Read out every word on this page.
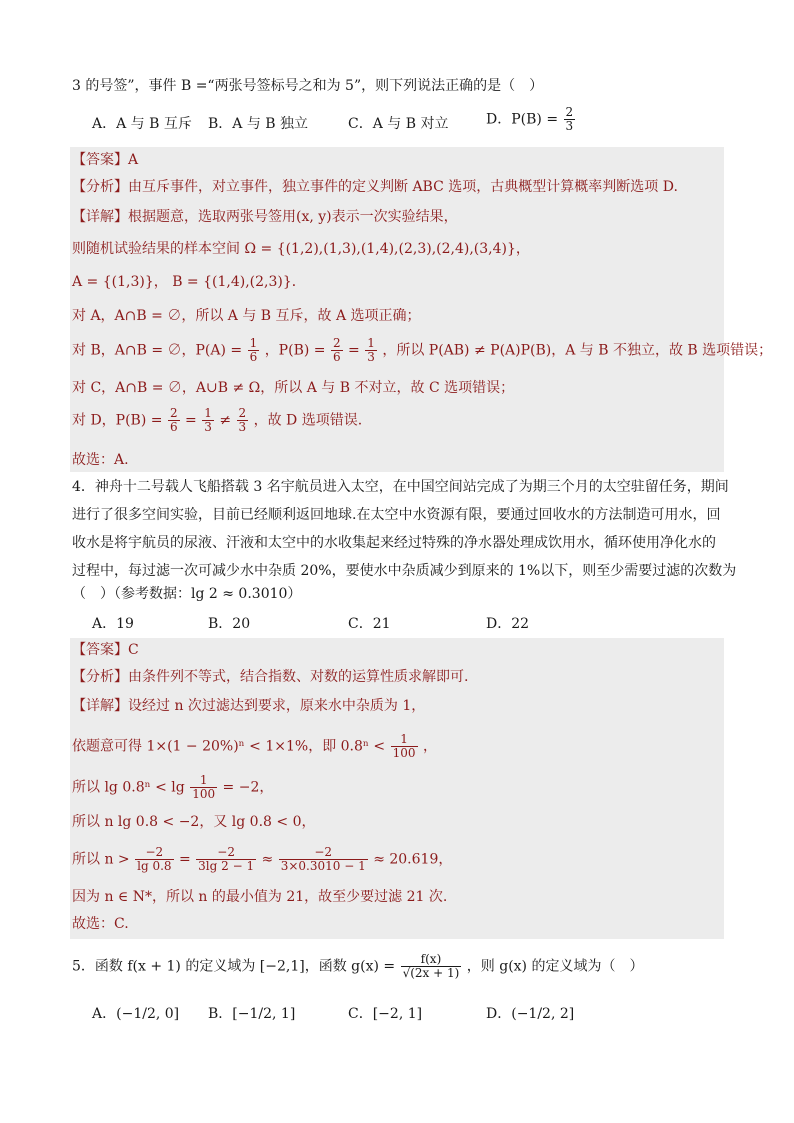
3 的号签”，事件 B =“两张号签标号之和为 5”，则下列说法正确的是（　）
A．A 与 B 互斥 B．A 与 B 独立	C．A 与 B 对立	D．$P(B) = \frac{2}{3}$
【答案】A
【分析】由互斥事件，对立事件，独立事件的定义判断 ABC 选项，古典概型计算概率判断选项 D.
【详解】根据题意，选取两张号签用(x, y)表示一次实验结果，
则随机试验结果的样本空间 Ω = {(1,2),(1,3),(1,4),(2,3),(2,4),(3,4)}，
A = {(1,3)}， B = {(1,4),(2,3)}．
对 A，A∩B = ∅，所以 A 与 B 互斥，故 A 选项正确；
对 B，A∩B = ∅，$P(A) = \frac{1}{6}$ ，$P(B) = \frac{2}{6} = \frac{1}{3}$ ，所以 P(AB) ≠ P(A)P(B)，A 与 B 不独立，故 B 选项错误；
对 C，A∩B = ∅，A∪B ≠ Ω，所以 A 与 B 不对立，故 C 选项错误；
对 D，$P(B) = \frac{2}{6} = \frac{1}{3} \ne \frac{2}{3}$ ，故 D 选项错误.
故选：A.
4．神舟十二号载人飞船搭载 3 名宇航员进入太空，在中国空间站完成了为期三个月的太空驻留任务，期间
进行了很多空间实验，目前已经顺利返回地球.在太空中水资源有限，要通过回收水的方法制造可用水，回
收水是将宇航员的尿液、汗液和太空中的水收集起来经过特殊的净水器处理成饮用水，循环使用净化水的
过程中，每过滤一次可减少水中杂质 20%，要使水中杂质减少到原来的 1%以下，则至少需要过滤的次数为
（　）（参考数据：lg 2 ≈ 0.3010）
A．19	B．20	C．21	D．22
【答案】C
【分析】由条件列不等式，结合指数、对数的运算性质求解即可.
【详解】设经过 n 次过滤达到要求，原来水中杂质为 1，
依题意可得 1×(1 − 20%)ⁿ < 1×1%，即 $0.8^n < \frac{1}{100}$ ，
所以 $\lg 0.8^n < \lg \frac{1}{100} = -2$，
所以 n lg 0.8 < −2，又 lg 0.8 < 0，
所以 $n > \frac{-2}{\lg 0.8} = \frac{-2}{3\lg 2 - 1} \approx \frac{-2}{3\times 0.3010 - 1} \approx 20.619$，
因为 n ∈ N*，所以 n 的最小值为 21，故至少要过滤 21 次.
故选：C.
5．函数 f(x + 1) 的定义域为 [−2,1]，函数 $g(x) = \frac{f(x)}{√(2x + 1)}$ ，则 g(x) 的定义域为（　）
A．(−1/2, 0] B．[−1/2, 1]	C．[−2, 1]	D．(−1/2, 2]
